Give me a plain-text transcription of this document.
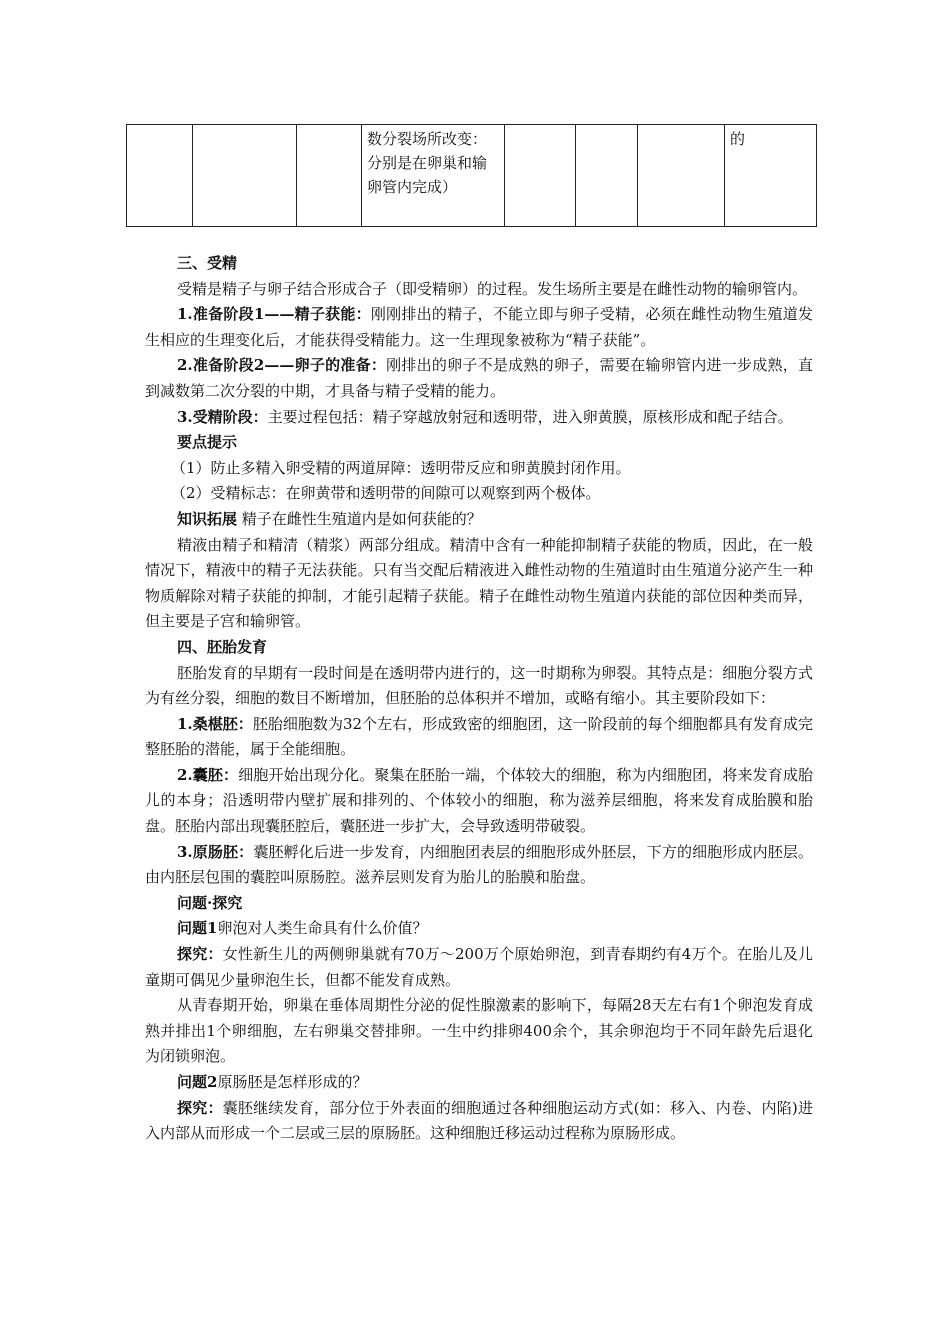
			数分裂场所改变：分别是在卵巢和输卵管内完成）				的

三、受精

受精是精子与卵子结合形成合子（即受精卵）的过程。发生场所主要是在雌性动物的输卵管内。

1.准备阶段1——精子获能：刚刚排出的精子，不能立即与卵子受精，必须在雌性动物生殖道发生相应的生理变化后，才能获得受精能力。这一生理现象被称为“精子获能”。

2.准备阶段2——卵子的准备：刚排出的卵子不是成熟的卵子，需要在输卵管内进一步成熟，直到减数第二次分裂的中期，才具备与精子受精的能力。

3.受精阶段：主要过程包括：精子穿越放射冠和透明带，进入卵黄膜，原核形成和配子结合。

要点提示

（1）防止多精入卵受精的两道屏障：透明带反应和卵黄膜封闭作用。

（2）受精标志：在卵黄带和透明带的间隙可以观察到两个极体。

知识拓展 精子在雌性生殖道内是如何获能的？

精液由精子和精清（精浆）两部分组成。精清中含有一种能抑制精子获能的物质，因此，在一般情况下，精液中的精子无法获能。只有当交配后精液进入雌性动物的生殖道时由生殖道分泌产生一种物质解除对精子获能的抑制，才能引起精子获能。精子在雌性动物生殖道内获能的部位因种类而异，但主要是子宫和输卵管。

四、胚胎发育

胚胎发育的早期有一段时间是在透明带内进行的，这一时期称为卵裂。其特点是：细胞分裂方式为有丝分裂，细胞的数目不断增加，但胚胎的总体积并不增加，或略有缩小。其主要阶段如下：

1.桑椹胚：胚胎细胞数为32个左右，形成致密的细胞团，这一阶段前的每个细胞都具有发育成完整胚胎的潜能，属于全能细胞。

2.囊胚：细胞开始出现分化。聚集在胚胎一端，个体较大的细胞，称为内细胞团，将来发育成胎儿的本身；沿透明带内壁扩展和排列的、个体较小的细胞，称为滋养层细胞，将来发育成胎膜和胎盘。胚胎内部出现囊胚腔后，囊胚进一步扩大，会导致透明带破裂。

3.原肠胚：囊胚孵化后进一步发育，内细胞团表层的细胞形成外胚层，下方的细胞形成内胚层。由内胚层包围的囊腔叫原肠腔。滋养层则发育为胎儿的胎膜和胎盘。

问题·探究

问题1卵泡对人类生命具有什么价值？

探究：女性新生儿的两侧卵巢就有70万～200万个原始卵泡，到青春期约有4万个。在胎儿及儿童期可偶见少量卵泡生长，但都不能发育成熟。

从青春期开始，卵巢在垂体周期性分泌的促性腺激素的影响下，每隔28天左右有1个卵泡发育成熟并排出1个卵细胞，左右卵巢交替排卵。一生中约排卵400余个，其余卵泡均于不同年龄先后退化为闭锁卵泡。

问题2原肠胚是怎样形成的？

探究：囊胚继续发育，部分位于外表面的细胞通过各种细胞运动方式(如：移入、内卷、内陷)进入内部从而形成一个二层或三层的原肠胚。这种细胞迁移运动过程称为原肠形成。
